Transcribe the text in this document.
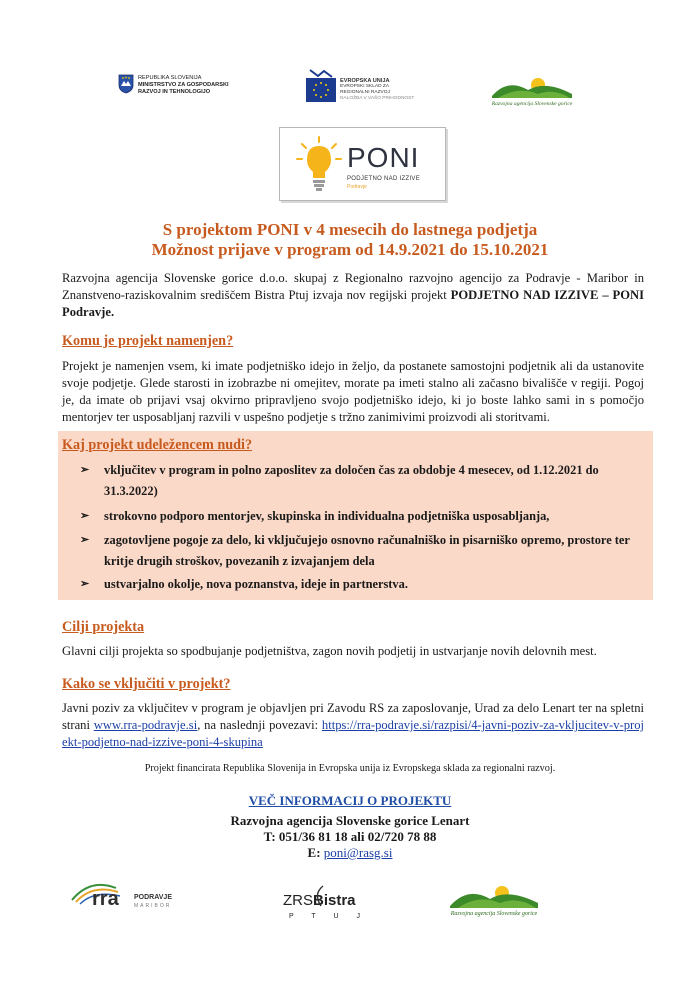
REPUBLIKA SLOVENIJA
MINISTRSTVO ZA GOSPODARSKI
RAZVOJ IN TEHNOLOGIJO
EVROPSKA UNIJA
EVROPSKI SKLAD ZA
REGIONALNI RAZVOJ
NALOŽBA V VAŠO PRIHODNOST
Razvojna agencija Slovenske gorice
PONI
PODJETNO NAD IZZIVE
Podravje
S projektom PONI v 4 mesecih do lastnega podjetja
Možnost prijave v program od 14.9.2021 do 15.10.2021
Razvojna agencija Slovenske gorice d.o.o. skupaj z Regionalno razvojno agencijo za Podravje - Maribor in Znanstveno-raziskovalnim središčem Bistra Ptuj izvaja nov regijski projekt PODJETNO NAD IZZIVE – PONI Podravje.
Komu je projekt namenjen?
Projekt je namenjen vsem, ki imate podjetniško idejo in željo, da postanete samostojni podjetnik ali da ustanovite svoje podjetje. Glede starosti in izobrazbe ni omejitev, morate pa imeti stalno ali začasno bivališče v regiji. Pogoj je, da imate ob prijavi vsaj okvirno pripravljeno svojo podjetniško idejo, ki jo boste lahko sami in s pomočjo mentorjev ter usposabljanj razvili v uspešno podjetje s tržno zanimivimi proizvodi ali storitvami.
Kaj projekt udeležencem nudi?
➢ vključitev v program in polno zaposlitev za določen čas za obdobje 4 mesecev, od 1.12.2021 do 31.3.2022)
➢ strokovno podporo mentorjev, skupinska in individualna podjetniška usposabljanja,
➢ zagotovljene pogoje za delo, ki vključujejo osnovno računalniško in pisarniško opremo, prostore ter kritje drugih stroškov, povezanih z izvajanjem dela
➢ ustvarjalno okolje, nova poznanstva, ideje in partnerstva.
Cilji projekta
Glavni cilji projekta so spodbujanje podjetništva, zagon novih podjetij in ustvarjanje novih delovnih mest.
Kako se vključiti v projekt?
Javni poziv za vključitev v program je objavljen pri Zavodu RS za zaposlovanje, Urad za delo Lenart ter na spletni strani www.rra-podravje.si, na naslednji povezavi: https://rra-podravje.si/razpisi/4-javni-poziv-za-vkljucitev-v-projekt-podjetno-nad-izzive-poni-4-skupina
Projekt financirata Republika Slovenija in Evropska unija iz Evropskega sklada za regionalni razvoj.
VEČ INFORMACIJ O PROJEKTU
Razvojna agencija Slovenske gorice Lenart
T: 051/36 81 18 ali 02/720 78 88
E: poni@rasg.si
rra PODRAVJE
MARIBOR	ZRSBistra
P T U J	Razvojna agencija Slovenske gorice
